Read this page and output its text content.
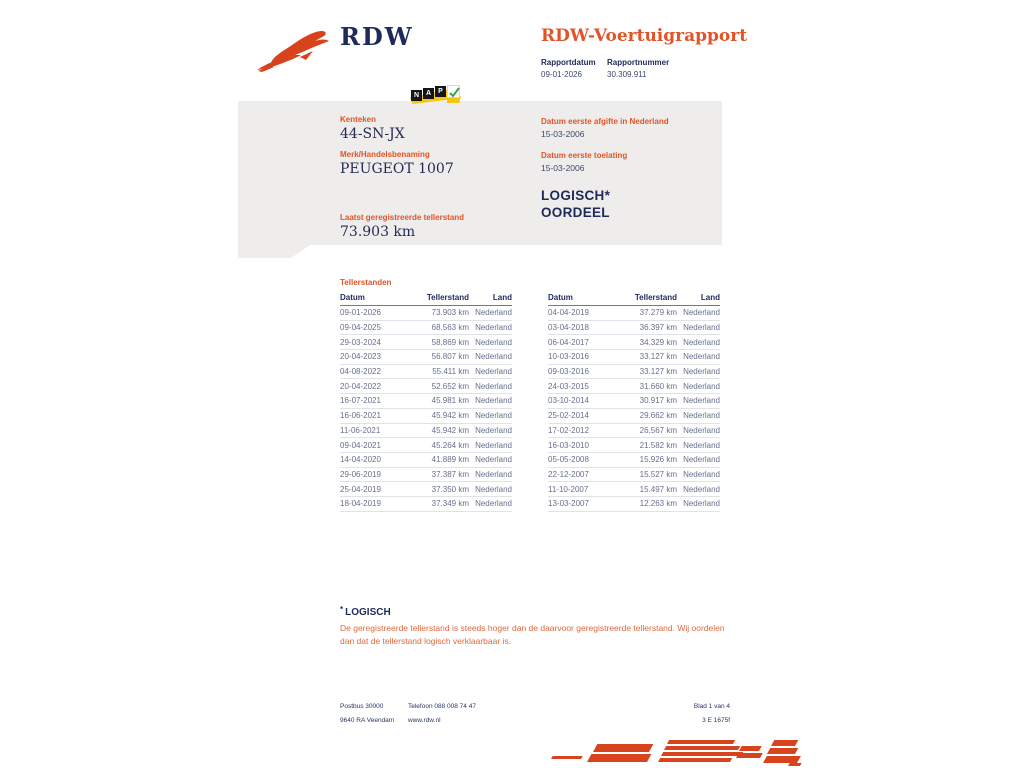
RDW	RDW-Voertuigrapport
Rapportdatum Rapportnummer
09-01-2026	30.309.911
Kenteken
44-SN-JX
Merk/Handelsbenaming
PEUGEOT 1007
Laatst geregistreerde tellerstand
73.903 km
Datum eerste afgifte in Nederland
15-03-2006
Datum eerste toelating
15-03-2006
LOGISCH*
OORDEEL
N A	P
Tellerstanden
Datum	Tellerstand	Land
09-01-2026	73.903 km	Nederland
09-04-2025	68.563 km	Nederland
29-03-2024	58.869 km	Nederland
20-04-2023	56.807 km	Nederland
04-08-2022	55.411 km	Nederland
20-04-2022	52.652 km	Nederland
16-07-2021	45.981 km	Nederland
16-06-2021	45.942 km	Nederland
11-06-2021	45.942 km	Nederland
09-04-2021	45.264 km	Nederland
14-04-2020	41.889 km	Nederland
29-06-2019	37.387 km	Nederland
25-04-2019	37.350 km	Nederland
18-04-2019	37.349 km	Nederland
Datum	Tellerstand	Land
04-04-2019	37.279 km	Nederland
03-04-2018	36.397 km	Nederland
06-04-2017	34.329 km	Nederland
10-03-2016	33.127 km	Nederland
09-03-2016	33.127 km	Nederland
24-03-2015	31.660 km	Nederland
03-10-2014	30.917 km	Nederland
25-02-2014	29.662 km	Nederland
17-02-2012	26.567 km	Nederland
16-03-2010	21.582 km	Nederland
05-05-2008	15.926 km	Nederland
22-12-2007	15.527 km	Nederland
11-10-2007	15.497 km	Nederland
13-03-2007	12.263 km	Nederland
* LOGISCH
De geregistreerde tellerstand is steeds hoger dan de daarvoor geregistreerde tellerstand. Wij oordelen dan dat de tellerstand logisch verklaarbaar is.
Postbus 30000
9640 RA Veendam
Telefoon 088 008 74 47
www.rdw.nl
Blad 1 van 4
3 E 1675f
